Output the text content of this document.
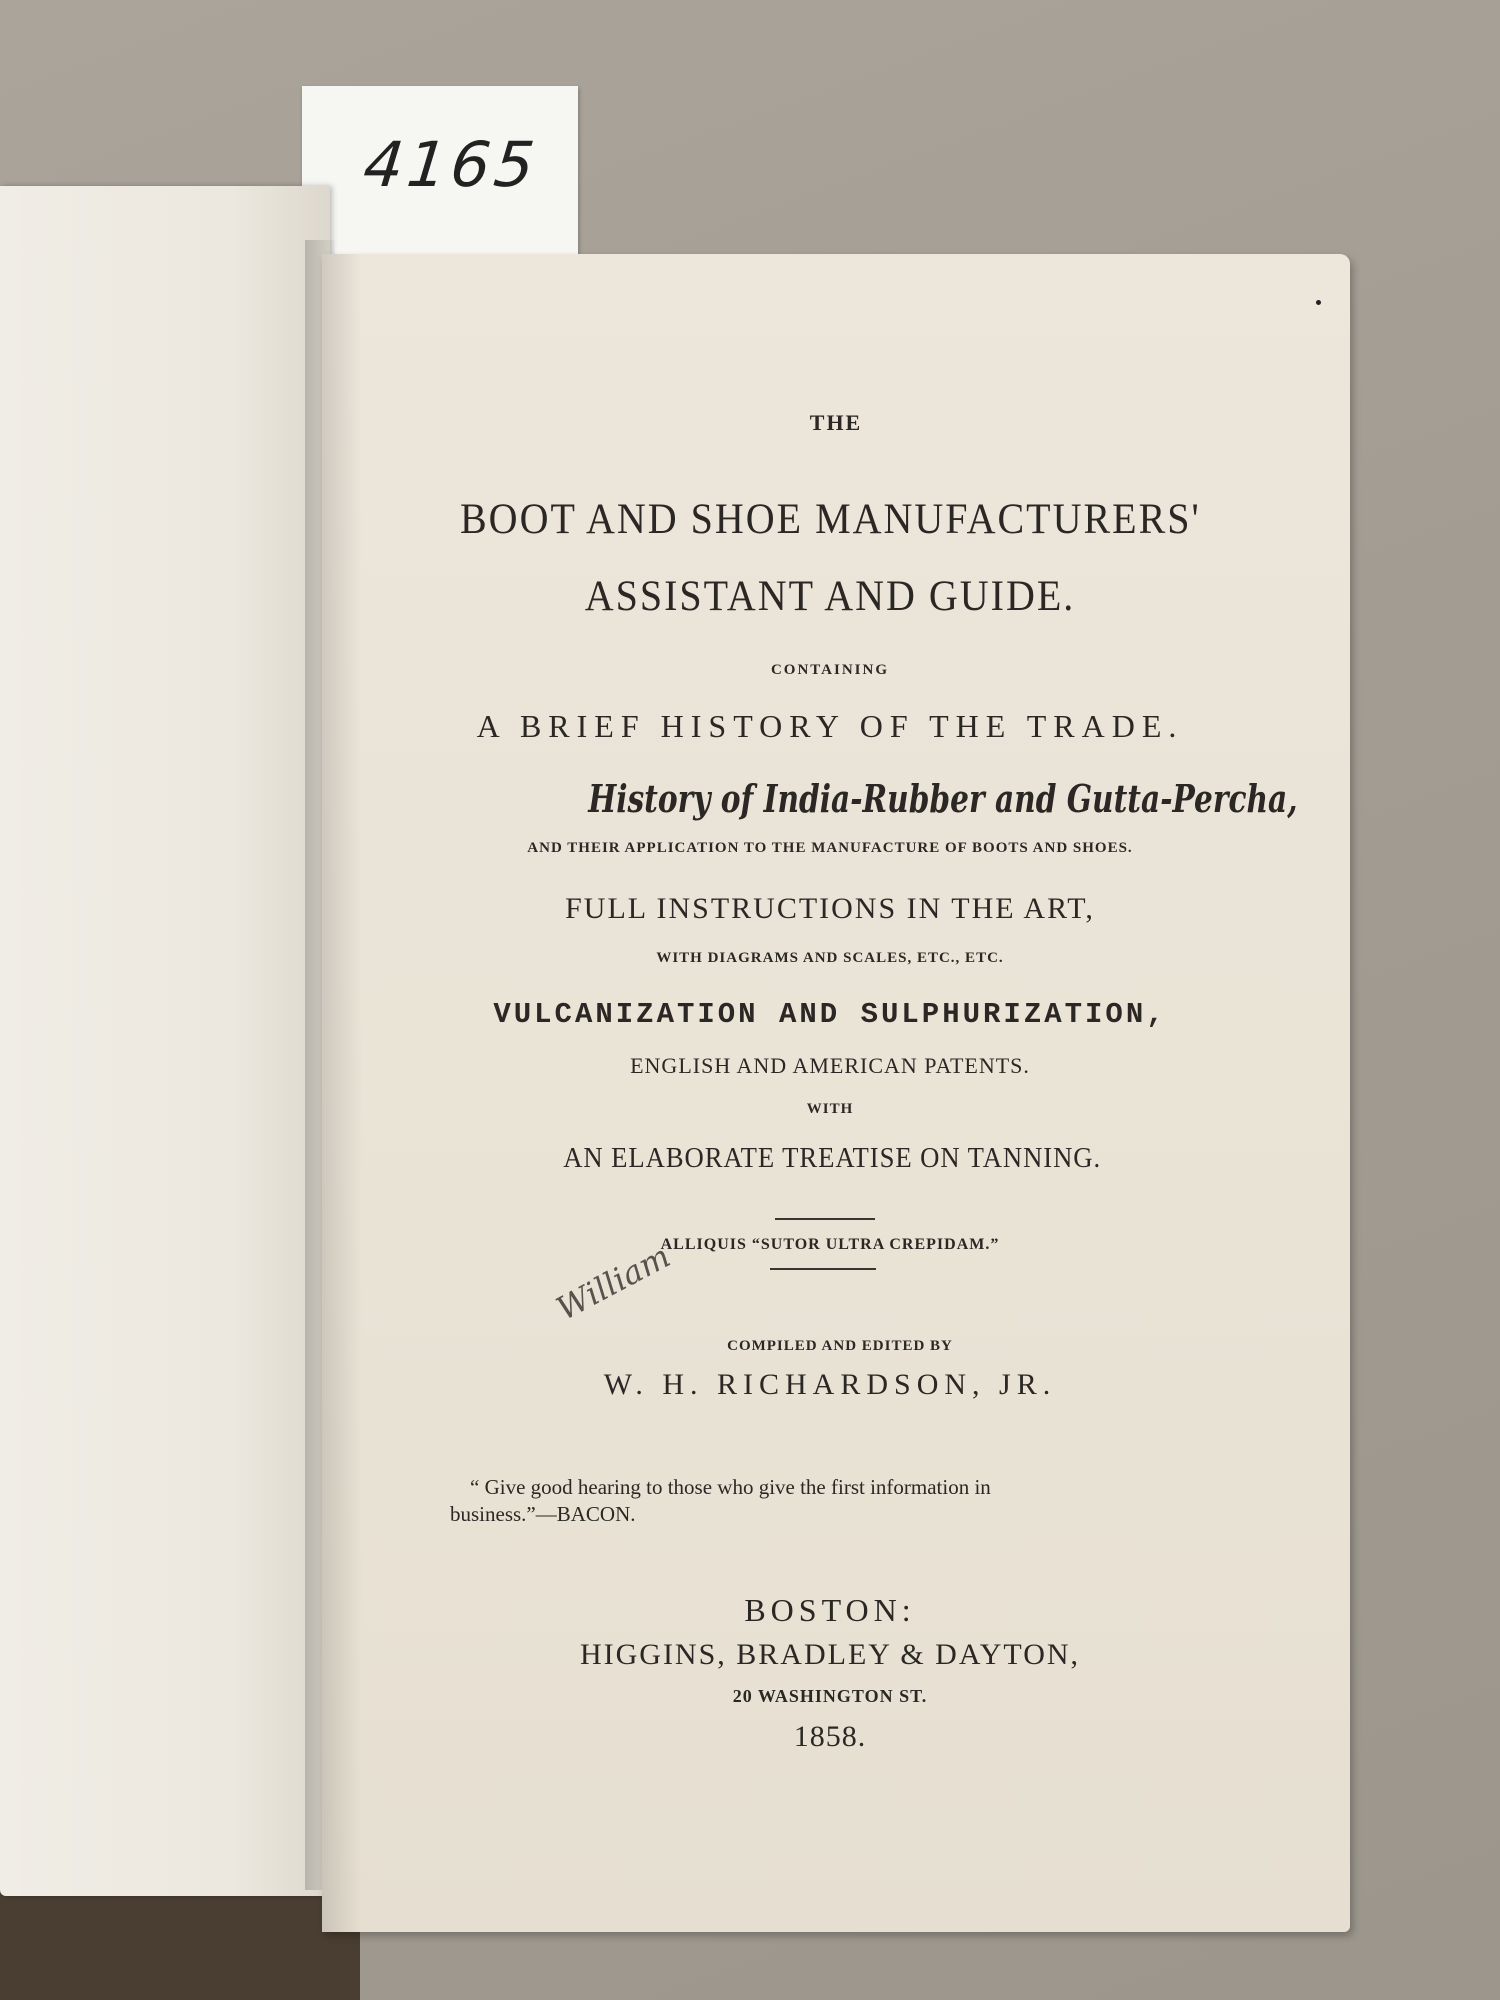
4165
THE
BOOT AND SHOE MANUFACTURERS'
ASSISTANT AND GUIDE.
CONTAINING
A BRIEF HISTORY OF THE TRADE.
History of India-Rubber and Gutta-Percha,
AND THEIR APPLICATION TO THE MANUFACTURE OF BOOTS AND SHOES.
FULL INSTRUCTIONS IN THE ART,
WITH DIAGRAMS AND SCALES, ETC., ETC.
VULCANIZATION AND SULPHURIZATION,
ENGLISH AND AMERICAN PATENTS.
WITH
AN ELABORATE TREATISE ON TANNING.
ALLIQUIS “SUTOR ULTRA CREPIDAM.”
William
COMPILED AND EDITED BY
W. H. RICHARDSON, JR.
“ Give good hearing to those who give the first information in
business.”—BACON.
BOSTON:
HIGGINS, BRADLEY & DAYTON,
20 WASHINGTON ST.
1858.
